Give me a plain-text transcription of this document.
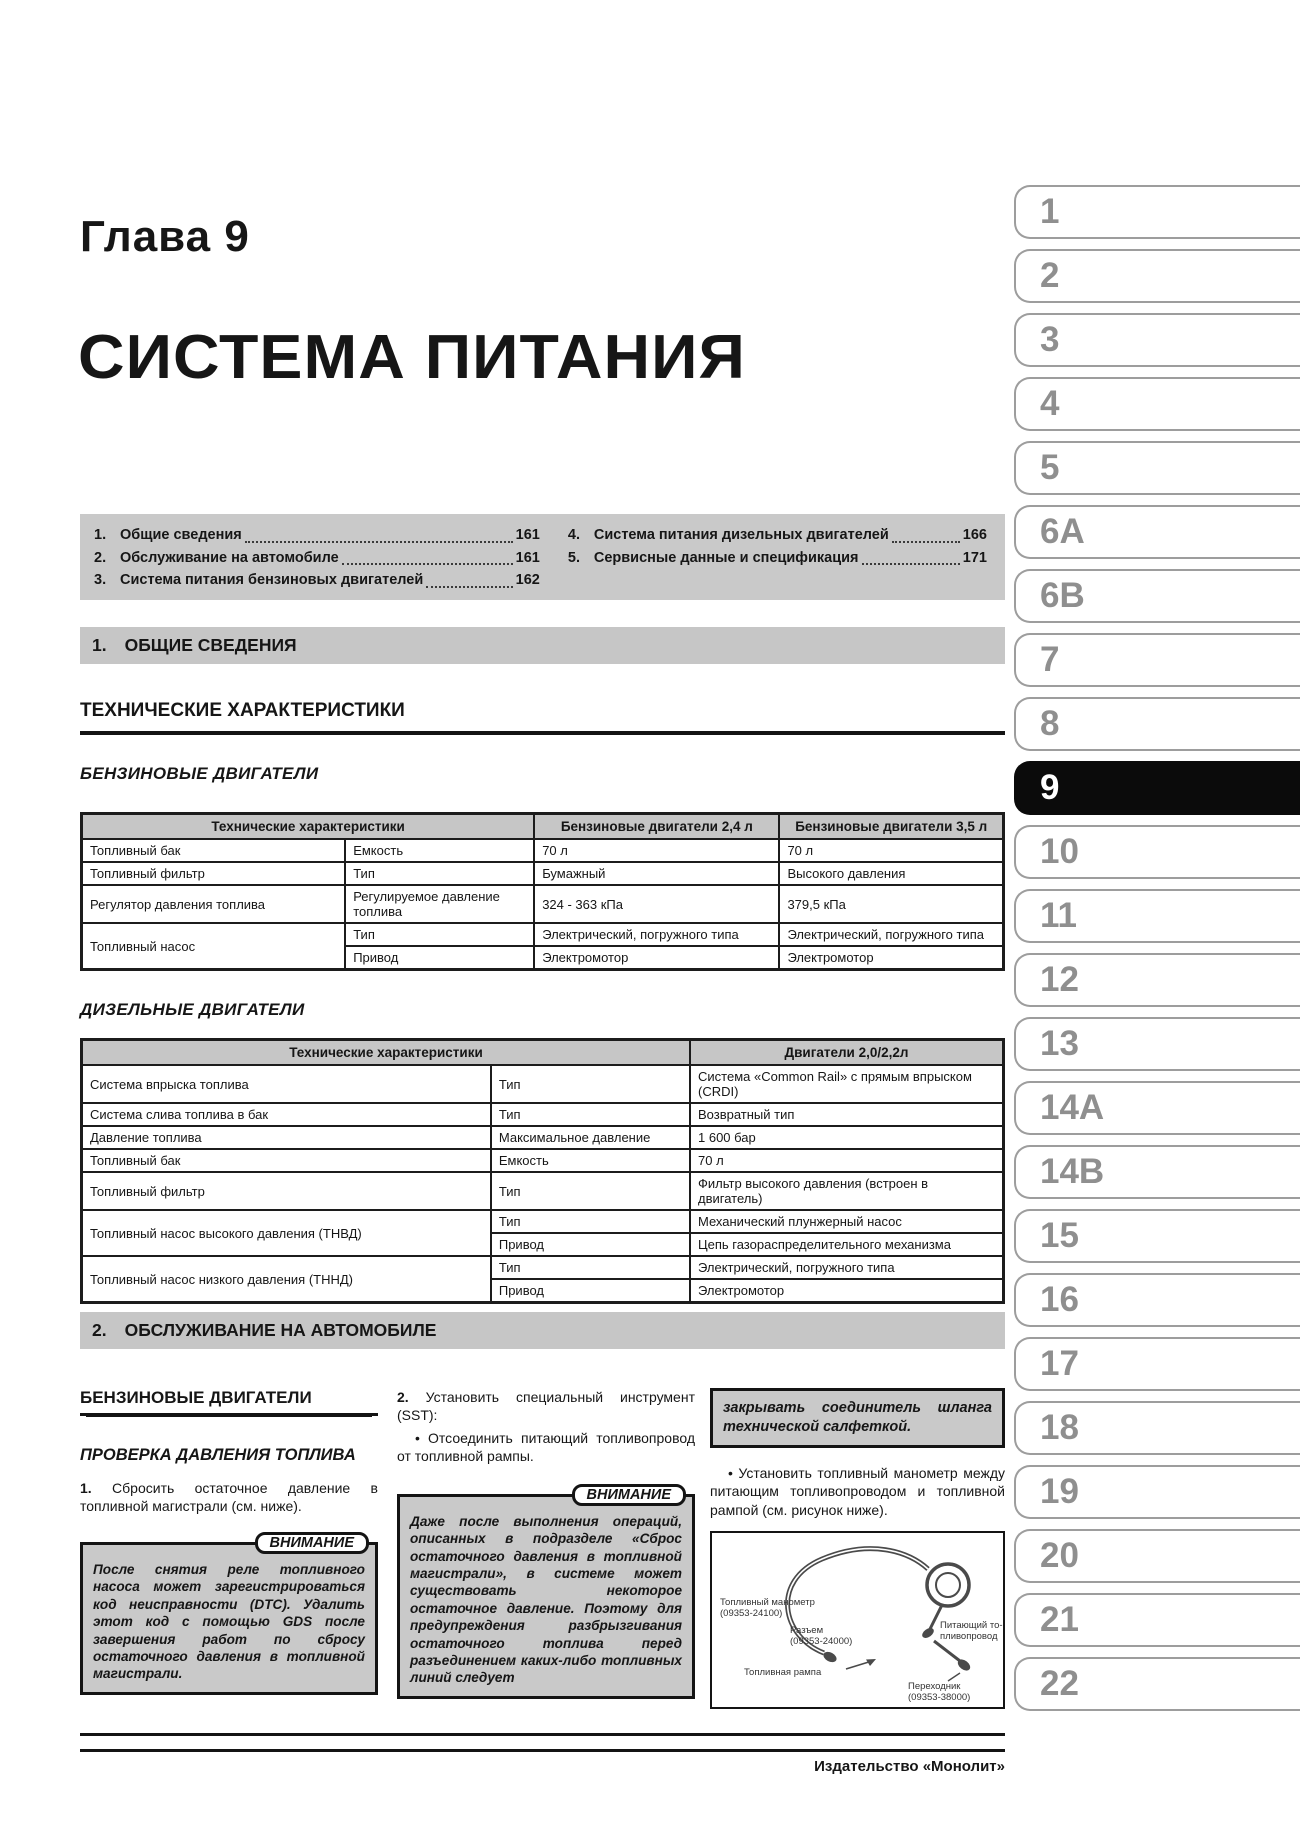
Глава 9
СИСТЕМА ПИТАНИЯ
1. Общие сведения	161
2. Обслуживание на автомобиле	161
3. Система питания бензиновых двигателей	162
4. Система питания дизельных двигателей	166
5. Сервисные данные и спецификация	171
1. ОБЩИЕ СВЕДЕНИЯ
ТЕХНИЧЕСКИЕ ХАРАКТЕРИСТИКИ
БЕНЗИНОВЫЕ ДВИГАТЕЛИ
Технические характеристики		Бензиновые двигатели 2,4 л	Бензиновые двигатели 3,5 л
Топливный бак	Емкость	70 л	70 л
Топливный фильтр	Тип	Бумажный	Высокого давления
Регулятор давления топлива	Регулируемое давление топлива	324 - 363 кПа	379,5 кПа
Топливный насос	Тип	Электрический, погружного типа	Электрический, погружного типа
	Привод	Электромотор	Электромотор
ДИЗЕЛЬНЫЕ ДВИГАТЕЛИ
Технические характеристики		Двигатели 2,0/2,2л
Система впрыска топлива	Тип	Система «Common Rail» с прямым впрыском (CRDI)
Система слива топлива в бак	Тип	Возвратный тип
Давление топлива	Максимальное давление	1 600 бар
Топливный бак	Емкость	70 л
Топливный фильтр	Тип	Фильтр высокого давления (встроен в двигатель)
Топливный насос высокого давления (ТНВД)	Тип	Механический плунжерный насос
	Привод	Цепь газораспределительного механизма
Топливный насос низкого давления (ТННД)	Тип	Электрический, погружного типа
	Привод	Электромотор
2. ОБСЛУЖИВАНИЕ НА АВТОМОБИЛЕ
БЕНЗИНОВЫЕ ДВИГАТЕЛИ
ПРОВЕРКА ДАВЛЕНИЯ ТОПЛИВА
1. Сбросить остаточное давление в топливной магистрали (см. ниже).
ВНИМАНИЕ
После снятия реле топливного насоса может зарегистрироваться код неисправности (DTC). Удалить этот код с помощью GDS после завершения работ по сбросу остаточного давления в топливной магистрали.
2. Установить специальный инструмент (SST):
• Отсоединить питающий топливопровод от топливной рампы.
ВНИМАНИЕ
Даже после выполнения операций, описанных в подразделе «Сброс остаточного давления в топливной магистрали», в системе может существовать некоторое остаточное давление. Поэтому для предупреждения разбрызгивания остаточного топлива перед разъединением каких-либо топливных линий следует
закрывать соединитель шланга технической салфеткой.
• Установить топливный манометр между питающим топливопроводом и топливной рампой (см. рисунок ниже).
Топливный манометр
(09353-24100)
Разъем
(09353-24000)
Питающий то-
пливопровод
Топливная рампа
Переходник
(09353-38000)
Издательство «Монолит»
1
2
3
4
5
6A
6B
7
8
9
10
11
12
13
14A
14B
15
16
17
18
19
20
21
22
